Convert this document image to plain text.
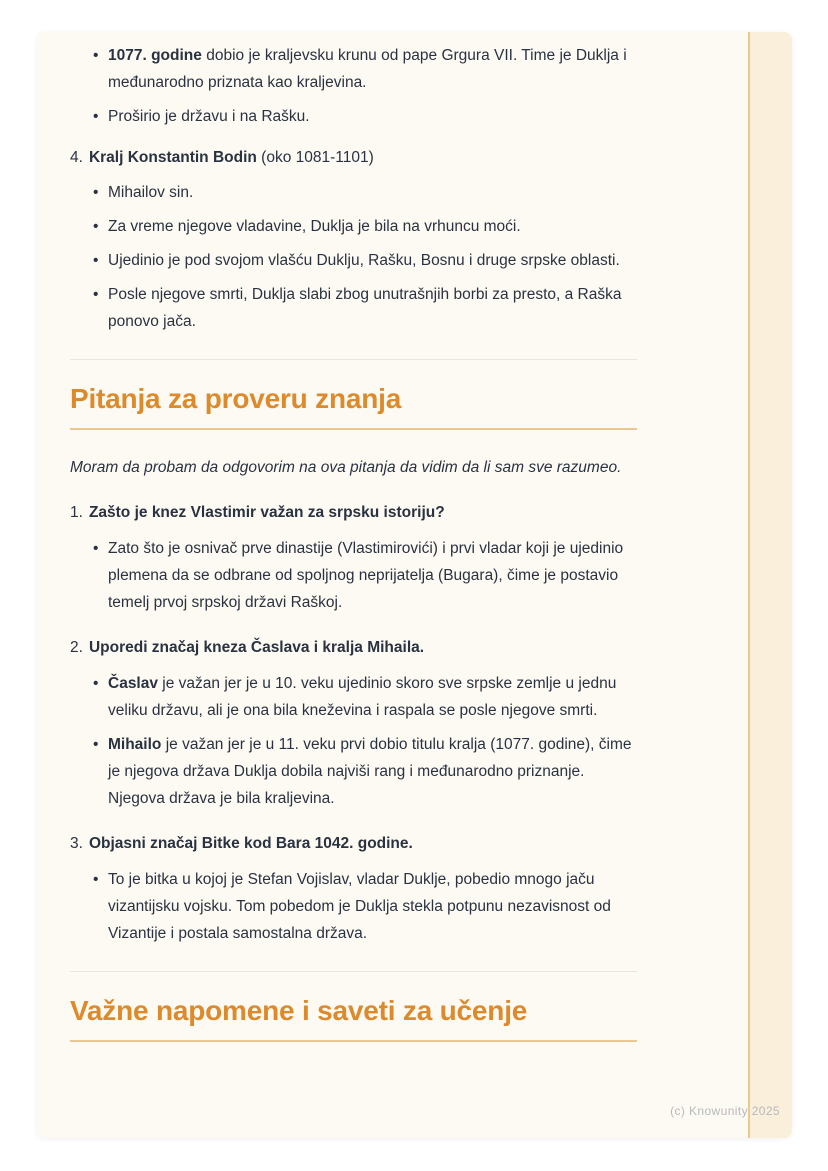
• 1077. godine dobio je kraljevsku krunu od pape Grgura VII. Time je Duklja i međunarodno priznata kao kraljevina.
• Proširio je državu i na Rašku.
4. Kralj Konstantin Bodin (oko 1081-1101)
• Mihailov sin.
• Za vreme njegove vladavine, Duklja je bila na vrhuncu moći.
• Ujedinio je pod svojom vlašću Duklju, Rašku, Bosnu i druge srpske oblasti.
• Posle njegove smrti, Duklja slabi zbog unutrašnjih borbi za presto, a Raška ponovo jača.
Pitanja za proveru znanja

Moram da probam da odgovorim na ova pitanja da vidim da li sam sve razumeo.

1. Zašto je knez Vlastimir važan za srpsku istoriju?
• Zato što je osnivač prve dinastije (Vlastimirovići) i prvi vladar koji je ujedinio plemena da se odbrane od spoljnog neprijatelja (Bugara), čime je postavio temelj prvoj srpskoj državi Raškoj.
2. Uporedi značaj kneza Časlava i kralja Mihaila.
• Časlav je važan jer je u 10. veku ujedinio skoro sve srpske zemlje u jednu veliku državu, ali je ona bila kneževina i raspala se posle njegove smrti.
• Mihailo je važan jer je u 11. veku prvi dobio titulu kralja (1077. godine), čime je njegova država Duklja dobila najviši rang i međunarodno priznanje. Njegova država je bila kraljevina.
3. Objasni značaj Bitke kod Bara 1042. godine.
• To je bitka u kojoj je Stefan Vojislav, vladar Duklje, pobedio mnogo jaču vizantijsku vojsku. Tom pobedom je Duklja stekla potpunu nezavisnost od Vizantije i postala samostalna država.
Važne napomene i saveti za učenje
(c) Knowunity 2025
